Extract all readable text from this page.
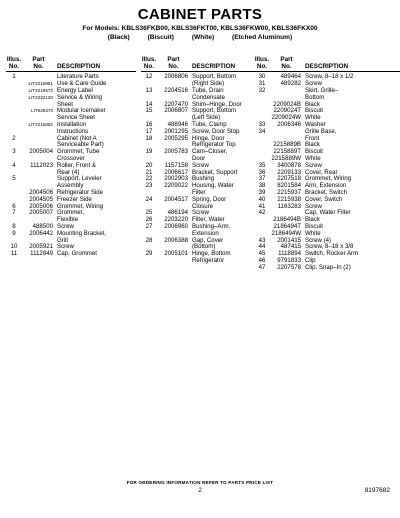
CABINET PARTS
For Models: KBLS36FKB00, KBLS36FKT00, KBLS36FKW00, KBLS36FKX00
(Black)	(Biscuit)	(White)	(Etched Aluminum)
Illus.
No.
Part
No.	DESCRIPTION
1	Literature Parts
LIT2215851 Use & Care Guide
LIT2218572 Energy Label
LIT2222120 Service & Wiring
Sheet
LIT628370 Modular Icemaker
Service Sheet
LIT2215852 Installation
Instructions
2	Cabinet (Not A
Serviceable Part)
3	2005004 Grommet, Tube
Crossover
4	1112023 Roller, Front &
Rear (4)
5	Support, Leveler
Assembly
2004506 Refrigerator Side
2004505 Freezer Side
6	2005006 Grommet, Wiring
7	2005007 Grommet,
Flexible
8	488500 Screw
9	2006442 Mounting Bracket,
Grill
10	2005921 Screw
11	1112849 Cap, Grommet
Illus.
No.
Part
No.	DESCRIPTION
12	2006806 Support, Bottom
(Right Side)
13	2204516 Tube, Drain
Condensate
14	2207470 Shim–Hinge, Door
15	2006807 Support, Bottom
(Left Side)
16	488946 Tube, Clamp
17	2001295 Screw, Door Stop
18	2005295 Hinge, Door
Refrigerator Top
19	2005783 Cam–Closer,
Door
20	1157158 Screw
21	2006617 Bracket, Support
22	2002903 Bushing
23	2209022 Housing, Water
Filter
24	2004517 Spring, Door
Closure
25	486194 Screw
26	2203220 Filter, Water
27	2006960 Bushing–Arm,
Extension
28	2006388 Gap, Cover
(Bottom)
29	2005101 Hinge, Bottom
Refrigerator
Illus.
No.
Part
No.	DESCRIPTION
30	489464 Screw, 8–18 x 1/2
31	489282 Screw
32	Skirt, Grille–
Bottom
2209024B Black
2209024T Biscuit
2209024W White
33	2006346 Washer
34	Grille Base,
Front
2215889B Black
2215889T Biscuit
2215889W White
35	3400878 Screw
36	2209133 Cover, Rear
37	2207518 Grommet, Wiring
38	8201584 Arm, Extension
39	2215937 Bracket, Switch
40	2215938 Cover, Switch
41	1163283 Screw
42	Cap, Water Filter
2186494B Black
2186494T Biscuit
2186494W White
43	2001415 Screw (4)
44	487415 Screw, 8–18 x 3/8
45	1118894 Switch, Rocker Arm
46	9791833 Clip
47	2207578 Clip, Snap–In (2)
FOR ORDERING INFORMATION REFER TO PARTS PRICE LIST
2	8197682
